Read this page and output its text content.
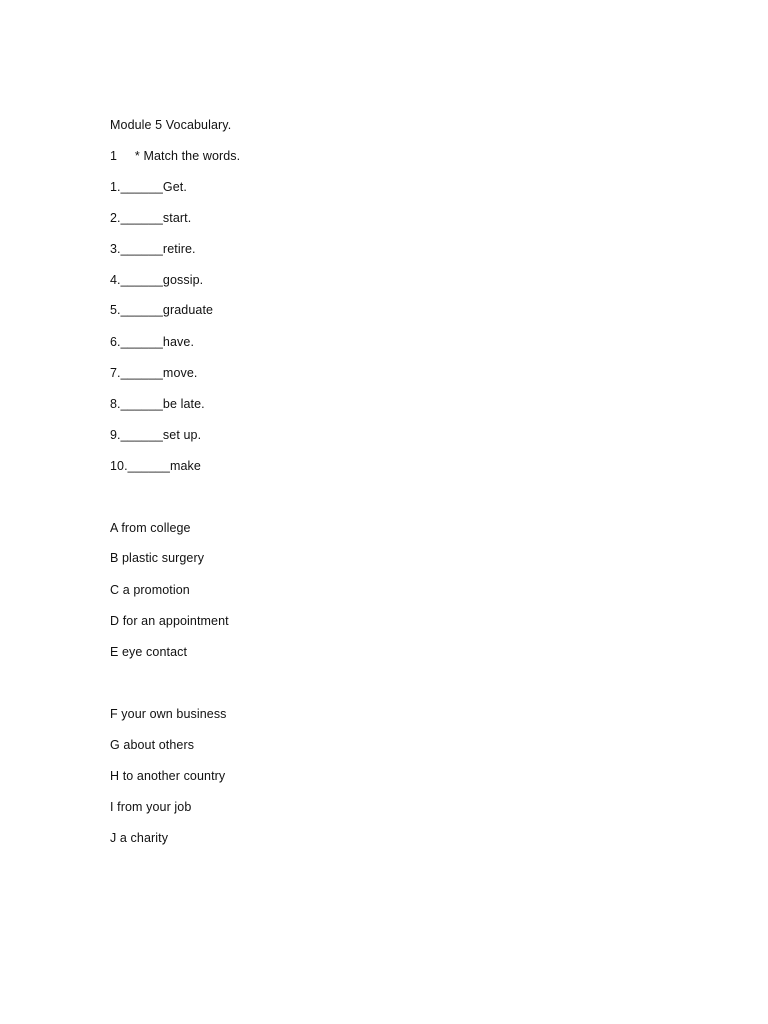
Module 5 Vocabulary.
1     * Match the words.
1.______Get.
2.______start.
3.______retire.
4.______gossip.
5.______graduate
6.______have.
7.______move.
8.______be late.
9.______set up.
10.______make
A from college
B plastic surgery
C a promotion
D for an appointment
E eye contact
F your own business
G about others
H to another country
I from your job
J a charity
